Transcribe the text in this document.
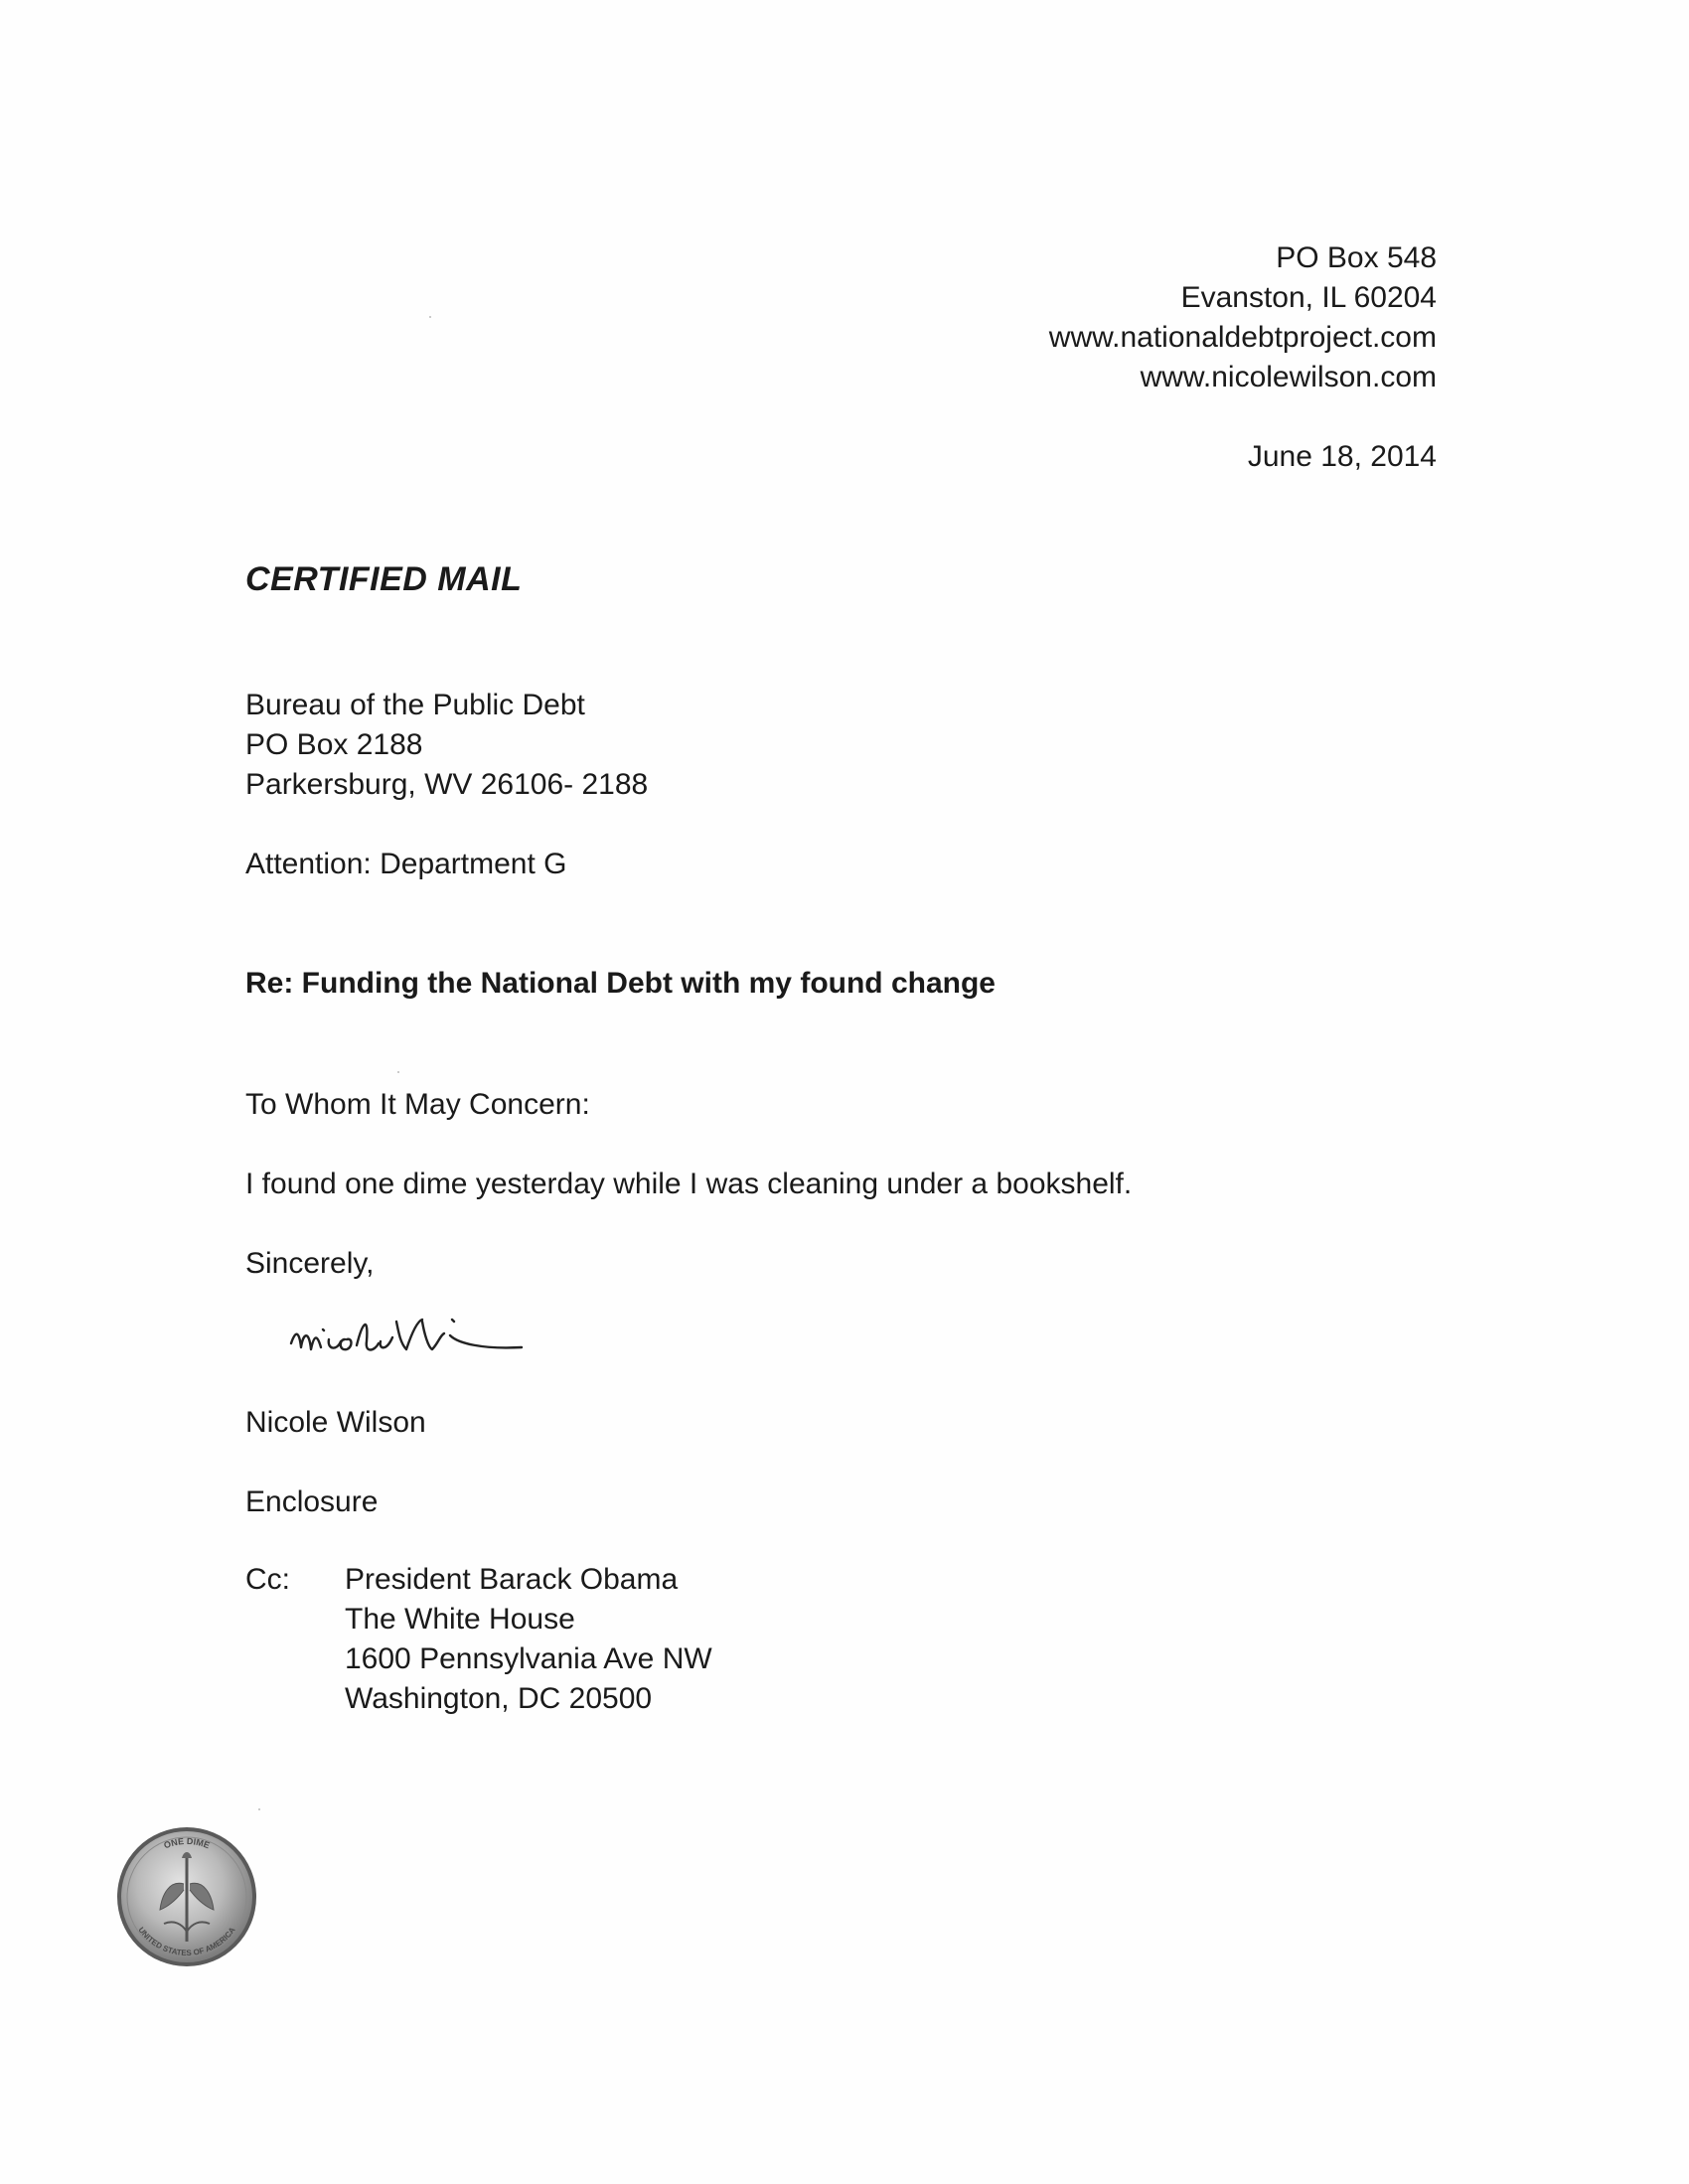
PO Box 548
Evanston, IL 60204
www.nationaldebtproject.com
www.nicolewilson.com
June 18, 2014
CERTIFIED MAIL
Bureau of the Public Debt
PO Box 2188
Parkersburg, WV 26106- 2188
Attention: Department G
Re: Funding the National Debt with my found change
To Whom It May Concern:
I found one dime yesterday while I was cleaning under a bookshelf.
Sincerely,
Nicole Wilson
Enclosure
Cc: President Barack Obama
The White House
1600 Pennsylvania Ave NW
Washington, DC 20500
ONE DIME
UNITED STATES OF AMERICA
